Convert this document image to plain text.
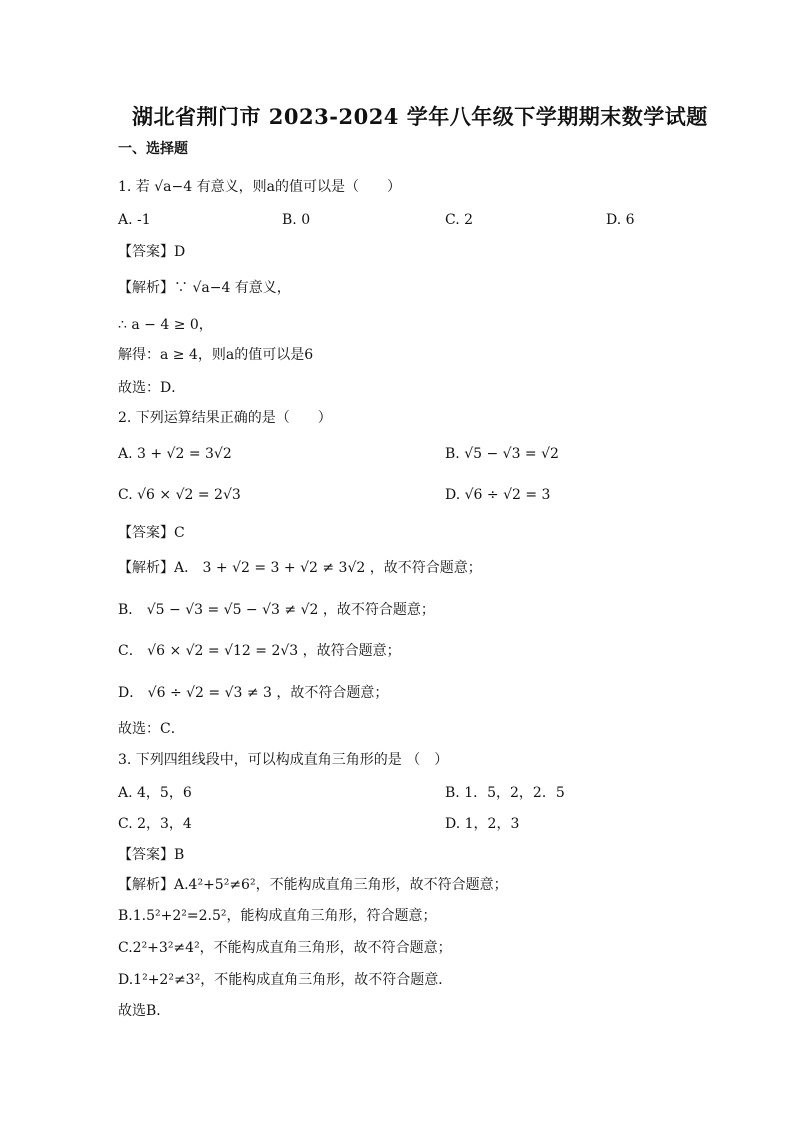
湖北省荆门市 2023-2024 学年八年级下学期期末数学试题
一、选择题
1. 若 √a−4 有意义，则a的值可以是（　　）
A. -1	B. 0	C. 2	D. 6
【答案】D
【解析】∵ √a−4 有意义，
∴ a − 4 ≥ 0，
解得：a ≥ 4，则a的值可以是6
故选：D．
2. 下列运算结果正确的是（　　）
A. 3 + √2 = 3√2	B. √5 − √3 = √2
C. √6 × √2 = 2√3	D. √6 ÷ √2 = 3
【答案】C
【解析】A． 3 + √2 = 3 + √2 ≠ 3√2 ，故不符合题意；
B． √5 − √3 = √5 − √3 ≠ √2 ，故不符合题意；
C． √6 × √2 = √12 = 2√3 ，故符合题意；
D． √6 ÷ √2 = √3 ≠ 3 ，故不符合题意；
故选：C．
3. 下列四组线段中，可以构成直角三角形的是 （　）
A. 4，5，6	B. 1．5，2，2．5
C. 2，3，4	D. 1，2，3
【答案】B
【解析】A.4²+5²≠6²，不能构成直角三角形，故不符合题意；
B.1.5²+2²=2.5²，能构成直角三角形，符合题意；
C.2²+3²≠4²，不能构成直角三角形，故不符合题意；
D.1²+2²≠3²，不能构成直角三角形，故不符合题意．
故选B．
